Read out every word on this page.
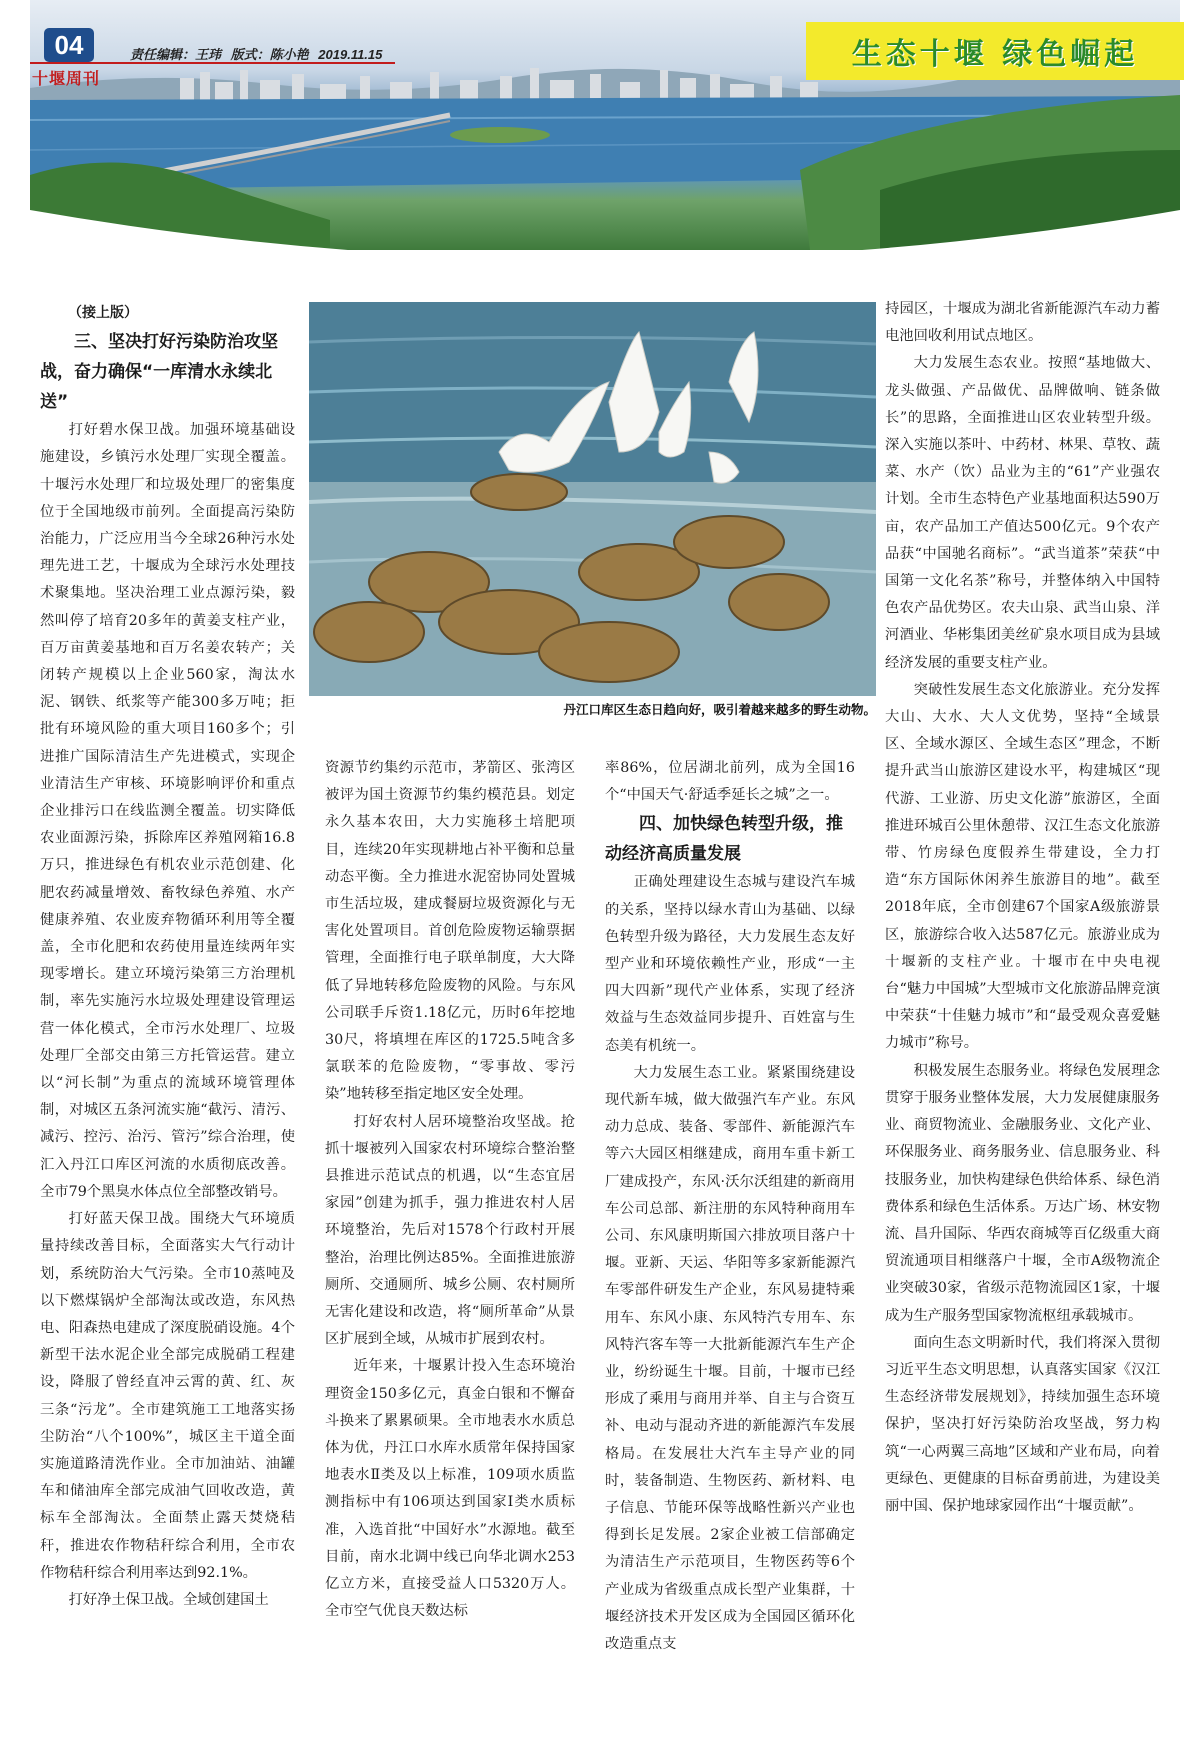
04
十堰周刊
责任编辑：王玮 版式：陈小艳 2019.11.15	生态十堰 绿色崛起

（接上版）

三、坚决打好污染防治攻坚战，奋力确保“一库清水永续北送”

打好碧水保卫战。加强环境基础设施建设，乡镇污水处理厂实现全覆盖。十堰污水处理厂和垃圾处理厂的密集度位于全国地级市前列。全面提高污染防治能力，广泛应用当今全球26种污水处理先进工艺，十堰成为全球污水处理技术聚集地。坚决治理工业点源污染，毅然叫停了培育20多年的黄姜支柱产业，百万亩黄姜基地和百万名姜农转产；关闭转产规模以上企业560家，淘汰水泥、钢铁、纸浆等产能300多万吨；拒批有环境风险的重大项目160多个；引进推广国际清洁生产先进模式，实现企业清洁生产审核、环境影响评价和重点企业排污口在线监测全覆盖。切实降低农业面源污染，拆除库区养殖网箱16.8万只，推进绿色有机农业示范创建、化肥农药减量增效、畜牧绿色养殖、水产健康养殖、农业废弃物循环利用等全覆盖，全市化肥和农药使用量连续两年实现零增长。建立环境污染第三方治理机制，率先实施污水垃圾处理建设管理运营一体化模式，全市污水处理厂、垃圾处理厂全部交由第三方托管运营。建立以“河长制”为重点的流域环境管理体制，对城区五条河流实施“截污、清污、减污、控污、治污、管污”综合治理，使汇入丹江口库区河流的水质彻底改善。全市79个黑臭水体点位全部整改销号。

打好蓝天保卫战。围绕大气环境质量持续改善目标，全面落实大气行动计划，系统防治大气污染。全市10蒸吨及以下燃煤锅炉全部淘汰或改造，东风热电、阳森热电建成了深度脱硝设施。4个新型干法水泥企业全部完成脱硝工程建设，降服了曾经直冲云霄的黄、红、灰三条“污龙”。全市建筑施工工地落实扬尘防治“八个100%”，城区主干道全面实施道路清洗作业。全市加油站、油罐车和储油库全部完成油气回收改造，黄标车全部淘汰。全面禁止露天焚烧秸秆，推进农作物秸秆综合利用，全市农作物秸秆综合利用率达到92.1%。

打好净土保卫战。全域创建国土

丹江口库区生态日趋向好，吸引着越来越多的野生动物。

资源节约集约示范市，茅箭区、张湾区被评为国土资源节约集约模范县。划定永久基本农田，大力实施移土培肥项目，连续20年实现耕地占补平衡和总量动态平衡。全力推进水泥窑协同处置城市生活垃圾，建成餐厨垃圾资源化与无害化处置项目。首创危险废物运输票据管理，全面推行电子联单制度，大大降低了异地转移危险废物的风险。与东风公司联手斥资1.18亿元，历时6年挖地30尺，将填埋在库区的1725.5吨含多氯联苯的危险废物，“零事故、零污染”地转移至指定地区安全处理。

打好农村人居环境整治攻坚战。抢抓十堰被列入国家农村环境综合整治整县推进示范试点的机遇，以“生态宜居家园”创建为抓手，强力推进农村人居环境整治，先后对1578个行政村开展整治，治理比例达85%。全面推进旅游厕所、交通厕所、城乡公厕、农村厕所无害化建设和改造，将“厕所革命”从景区扩展到全域，从城市扩展到农村。

近年来，十堰累计投入生态环境治理资金150多亿元，真金白银和不懈奋斗换来了累累硕果。全市地表水水质总体为优，丹江口水库水质常年保持国家地表水Ⅱ类及以上标准，109项水质监测指标中有106项达到国家Ⅰ类水质标准，入选首批“中国好水”水源地。截至目前，南水北调中线已向华北调水253亿立方米，直接受益人口5320万人。全市空气优良天数达标

率86%，位居湖北前列，成为全国16个“中国天气·舒适季延长之城”之一。

四、加快绿色转型升级，推动经济高质量发展

正确处理建设生态城与建设汽车城的关系，坚持以绿水青山为基础、以绿色转型升级为路径，大力发展生态友好型产业和环境依赖性产业，形成“一主四大四新”现代产业体系，实现了经济效益与生态效益同步提升、百姓富与生态美有机统一。

大力发展生态工业。紧紧围绕建设现代新车城，做大做强汽车产业。东风动力总成、装备、零部件、新能源汽车等六大园区相继建成，商用车重卡新工厂建成投产，东风·沃尔沃组建的新商用车公司总部、新注册的东风特种商用车公司、东风康明斯国六排放项目落户十堰。亚新、天运、华阳等多家新能源汽车零部件研发生产企业，东风易捷特乘用车、东风小康、东风特汽专用车、东风特汽客车等一大批新能源汽车生产企业，纷纷诞生十堰。目前，十堰市已经形成了乘用与商用并举、自主与合资互补、电动与混动齐进的新能源汽车发展格局。在发展壮大汽车主导产业的同时，装备制造、生物医药、新材料、电子信息、节能环保等战略性新兴产业也得到长足发展。2家企业被工信部确定为清洁生产示范项目，生物医药等6个产业成为省级重点成长型产业集群，十堰经济技术开发区成为全国园区循环化改造重点支

持园区，十堰成为湖北省新能源汽车动力蓄电池回收利用试点地区。

大力发展生态农业。按照“基地做大、龙头做强、产品做优、品牌做响、链条做长”的思路，全面推进山区农业转型升级。深入实施以茶叶、中药材、林果、草牧、蔬菜、水产（饮）品业为主的“61”产业强农计划。全市生态特色产业基地面积达590万亩，农产品加工产值达500亿元。9个农产品获“中国驰名商标”。“武当道茶”荣获“中国第一文化名茶”称号，并整体纳入中国特色农产品优势区。农夫山泉、武当山泉、洋河酒业、华彬集团美丝矿泉水项目成为县域经济发展的重要支柱产业。

突破性发展生态文化旅游业。充分发挥大山、大水、大人文优势，坚持“全域景区、全域水源区、全域生态区”理念，不断提升武当山旅游区建设水平，构建城区“现代游、工业游、历史文化游”旅游区，全面推进环城百公里休憩带、汉江生态文化旅游带、竹房绿色度假养生带建设，全力打造“东方国际休闲养生旅游目的地”。截至2018年底，全市创建67个国家A级旅游景区，旅游综合收入达587亿元。旅游业成为十堰新的支柱产业。十堰市在中央电视台“魅力中国城”大型城市文化旅游品牌竞演中荣获“十佳魅力城市”和“最受观众喜爱魅力城市”称号。

积极发展生态服务业。将绿色发展理念贯穿于服务业整体发展，大力发展健康服务业、商贸物流业、金融服务业、文化产业、环保服务业、商务服务业、信息服务业、科技服务业，加快构建绿色供给体系、绿色消费体系和绿色生活体系。万达广场、林安物流、昌升国际、华西农商城等百亿级重大商贸流通项目相继落户十堰，全市A级物流企业突破30家，省级示范物流园区1家，十堰成为生产服务型国家物流枢纽承载城市。

面向生态文明新时代，我们将深入贯彻习近平生态文明思想，认真落实国家《汉江生态经济带发展规划》，持续加强生态环境保护，坚决打好污染防治攻坚战，努力构筑“一心两翼三高地”区域和产业布局，向着更绿色、更健康的目标奋勇前进，为建设美丽中国、保护地球家园作出“十堰贡献”。
